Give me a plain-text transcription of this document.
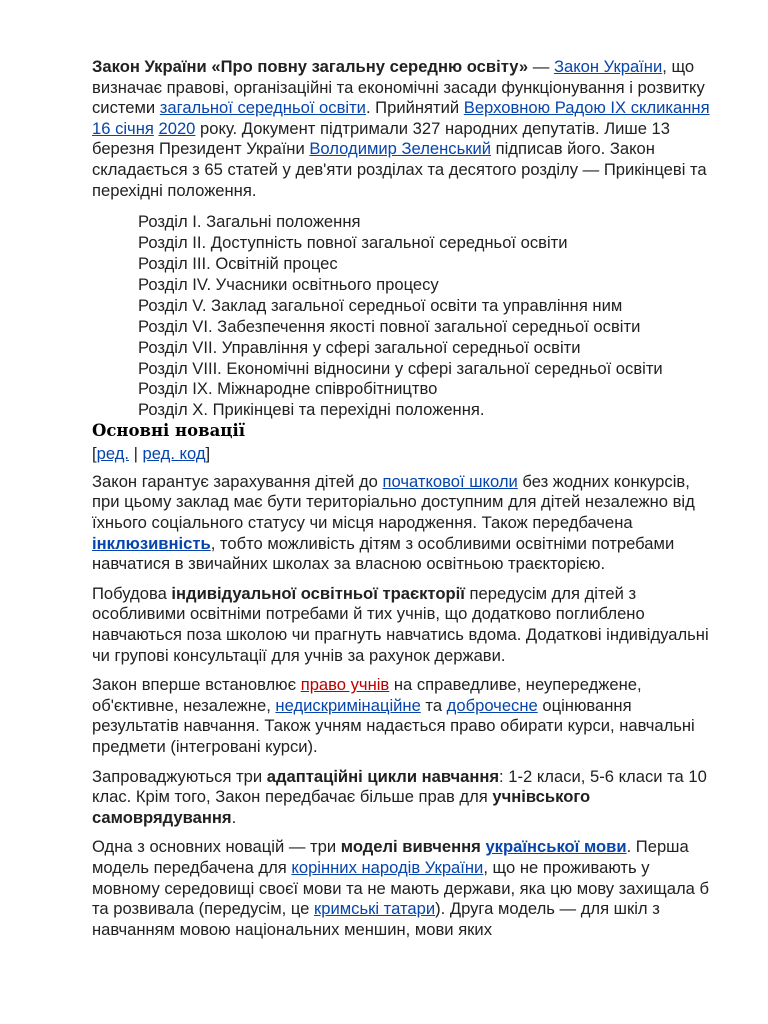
Закон України «Про повну загальну середню освіту» — Закон України, що визначає правові, організаційні та економічні засади функціонування і розвитку системи загальної середньої освіти. Прийнятий Верховною Радою IX скликання 16 січня 2020 року. Документ підтримали 327 народних депутатів. Лише 13 березня Президент України Володимир Зеленський підписав його. Закон складається з 65 статей у дев'яти розділах та десятого розділу — Прикінцеві та перехідні положення.

Розділ I. Загальні положення
Розділ II. Доступність повної загальної середньої освіти
Розділ III. Освітній процес
Розділ IV. Учасники освітнього процесу
Розділ V. Заклад загальної середньої освіти та управління ним
Розділ VI. Забезпечення якості повної загальної середньої освіти
Розділ VII. Управління у сфері загальної середньої освіти
Розділ VIII. Економічні відносини у сфері загальної середньої освіти
Розділ IX. Міжнародне співробітництво
Розділ X. Прикінцеві та перехідні положення.
Основні новації
[ред. | ред. код]

Закон гарантує зарахування дітей до початкової школи без жодних конкурсів, при цьому заклад має бути територіально доступним для дітей незалежно від їхнього соціального статусу чи місця народження. Також передбачена інклюзивність, тобто можливість дітям з особливими освітніми потребами навчатися в звичайних школах за власною освітньою траєкторією.

Побудова індивідуальної освітньої траєкторії передусім для дітей з особливими освітніми потребами й тих учнів, що додатково поглиблено навчаються поза школою чи прагнуть навчатись вдома. Додаткові індивідуальні чи групові консультації для учнів за рахунок держави.

Закон вперше встановлює право учнів на справедливе, неупереджене, об'єктивне, незалежне, недискримінаційне та доброчесне оцінювання результатів навчання. Також учням надається право обирати курси, навчальні предмети (інтегровані курси).

Запроваджуються три адаптаційні цикли навчання: 1-2 класи, 5-6 класи та 10 клас. Крім того, Закон передбачає більше прав для учнівського самоврядування.

Одна з основних новацій — три моделі вивчення української мови. Перша модель передбачена для корінних народів України, що не проживають у мовному середовищі своєї мови та не мають держави, яка цю мову захищала б та розвивала (передусім, це кримські татари). Друга модель — для шкіл з навчанням мовою національних меншин, мови яких
